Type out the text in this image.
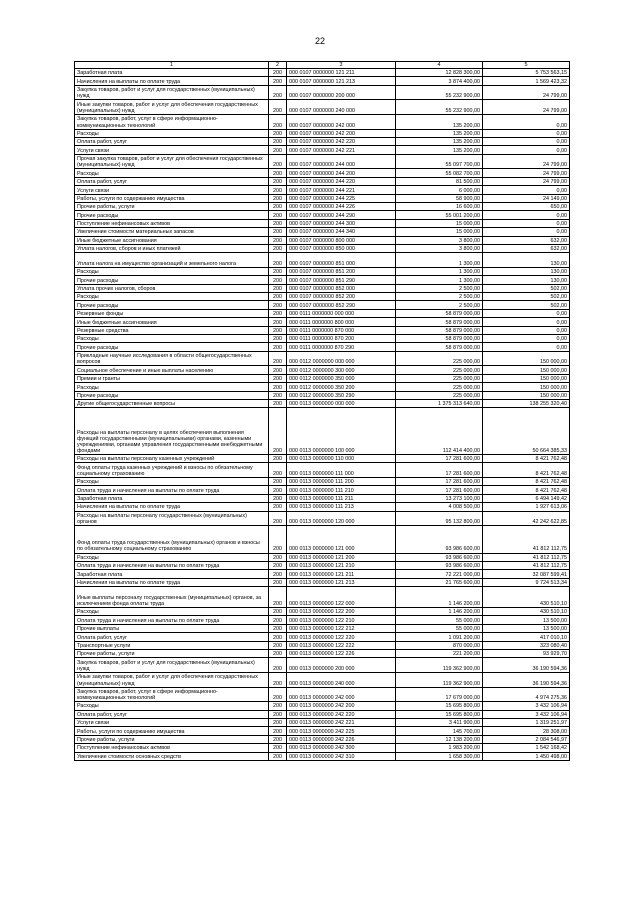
22
1	2	3	4	5
Заработная плата	200	000 0107 0000000 121 211	12 828 300,00	5 753 563,15
Начисления на выплаты по оплате труда	200	000 0107 0000000 121 213	3 874 400,00	1 569 423,32
Закупка товаров, работ и услуг для государственных (муниципальных) нужд	200	000 0107 0000000 200 000	55 232 900,00	24 799,00
Иные закупки товаров, работ и услуг для обеспечения государственных (муниципальных) нужд	200	000 0107 0000000 240 000	55 232 900,00	24 799,00
Закупка товаров, работ, услуг в сфере информационно-коммуникационных технологий	200	000 0107 0000000 242 000	135 200,00	0,00
Расходы	200	000 0107 0000000 242 200	135 200,00	0,00
Оплата работ, услуг	200	000 0107 0000000 242 220	135 200,00	0,00
Услуги связи	200	000 0107 0000000 242 221	135 200,00	0,00
Прочая закупка товаров, работ и услуг для обеспечения государственных (муниципальных) нужд	200	000 0107 0000000 244 000	55 097 700,00	24 799,00
Расходы	200	000 0107 0000000 244 200	55 082 700,00	24 799,00
Оплата работ, услуг	200	000 0107 0000000 244 220	81 500,00	24 799,00
Услуги связи	200	000 0107 0000000 244 221	6 000,00	0,00
Работы, услуги по содержанию имущества	200	000 0107 0000000 244 225	58 900,00	24 149,00
Прочие работы, услуги	200	000 0107 0000000 244 226	16 600,00	650,00
Прочие расходы	200	000 0107 0000000 244 290	55 001 200,00	0,00
Поступление нефинансовых активов	200	000 0107 0000000 244 300	15 000,00	0,00
Увеличение стоимости материальных запасов	200	000 0107 0000000 244 340	15 000,00	0,00
Иные бюджетные ассигнования	200	000 0107 0000000 800 000	3 800,00	632,00
Уплата налогов, сборов и иных платежей	200	000 0107 0000000 850 000	3 800,00	632,00
Уплата налога на имущество организаций и земельного налога	200	000 0107 0000000 851 000	1 300,00	130,00
Расходы	200	000 0107 0000000 851 200	1 300,00	130,00
Прочие расходы	200	000 0107 0000000 851 290	1 300,00	130,00
Уплата прочих налогов, сборов	200	000 0107 0000000 852 000	2 500,00	502,00
Расходы	200	000 0107 0000000 852 200	2 500,00	502,00
Прочие расходы	200	000 0107 0000000 852 290	2 500,00	502,00
Резервные фонды	200	000 0111 0000000 000 000	58 879 000,00	0,00
Иные бюджетные ассигнования	200	000 0111 0000000 800 000	58 879 000,00	0,00
Резервные средства	200	000 0111 0000000 870 000	58 879 000,00	0,00
Расходы	200	000 0111 0000000 870 200	58 879 000,00	0,00
Прочие расходы	200	000 0111 0000000 870 290	58 879 000,00	0,00
Прикладные научные исследования в области общегосударственных вопросов	200	000 0112 0000000 000 000	225 000,00	150 000,00
Социальное обеспечение и иные выплаты населению	200	000 0112 0000000 300 000	225 000,00	150 000,00
Премии и гранты	200	000 0112 0000000 350 000	225 000,00	150 000,00
Расходы	200	000 0112 0000000 350 200	225 000,00	150 000,00
Прочие расходы	200	000 0112 0000000 350 290	225 000,00	150 000,00
Другие общегосударственные вопросы	200	000 0113 0000000 000 000	1 375 313 640,00	138 255 320,40
Расходы на выплаты персоналу в целях обеспечения выполнения функций государственными (муниципальными) органами, казенными учреждениями, органами управления государственными внебюджетными фондами	200	000 0113 0000000 100 000	112 414 400,00	50 664 385,33
Расходы на выплаты персоналу казенных учреждений	200	000 0113 0000000 110 000	17 281 600,00	8 421 762,48
Фонд оплаты труда казенных учреждений и взносы по обязательному социальному страхованию	200	000 0113 0000000 111 000	17 281 600,00	8 421 762,48
Расходы	200	000 0113 0000000 111 200	17 281 600,00	8 421 762,48
Оплата труда и начисления на выплаты по оплате труда	200	000 0113 0000000 111 210	17 281 600,00	8 421 762,48
Заработная плата	200	000 0113 0000000 111 211	13 273 100,00	6 494 149,42
Начисления на выплаты по оплате труда	200	000 0113 0000000 111 213	4 008 500,00	1 927 613,06
Расходы на выплаты персоналу государственных (муниципальных) органов	200	000 0113 0000000 120 000	95 132 800,00	42 242 622,85
Фонд оплаты труда государственных (муниципальных) органов и взносы по обязательному социальному страхованию	200	000 0113 0000000 121 000	93 986 600,00	41 812 112,75
Расходы	200	000 0113 0000000 121 200	93 986 600,00	41 812 112,75
Оплата труда и начисления на выплаты по оплате труда	200	000 0113 0000000 121 210	93 986 600,00	41 812 112,75
Заработная плата	200	000 0113 0000000 121 211	72 221 000,00	32 087 599,41
Начисления на выплаты по оплате труда	200	000 0113 0000000 121 213	21 765 600,00	9 724 513,34
Иные выплаты персоналу государственных (муниципальных) органов, за исключением фонда оплаты труда	200	000 0113 0000000 122 000	1 146 200,00	430 510,10
Расходы	200	000 0113 0000000 122 200	1 146 200,00	430 510,10
Оплата труда и начисления на выплаты по оплате труда	200	000 0113 0000000 122 210	55 000,00	13 500,00
Прочие выплаты	200	000 0113 0000000 122 212	55 000,00	13 500,00
Оплата работ, услуг	200	000 0113 0000000 122 220	1 091 200,00	417 010,10
Транспортные услуги	200	000 0113 0000000 122 222	870 000,00	323 080,40
Прочие работы, услуги	200	000 0113 0000000 122 226	221 200,00	93 929,70
Закупка товаров, работ и услуг для государственных (муниципальных) нужд	200	000 0113 0000000 200 000	119 362 900,00	36 190 594,36
Иные закупки товаров, работ и услуг для обеспечения государственных (муниципальных) нужд	200	000 0113 0000000 240 000	119 362 900,00	36 190 594,36
Закупка товаров, работ, услуг в сфере информационно-коммуникационных технологий	200	000 0113 0000000 242 000	17 679 000,00	4 974 275,36
Расходы	200	000 0113 0000000 242 200	15 695 800,00	3 432 106,94
Оплата работ, услуг	200	000 0113 0000000 242 220	15 695 800,00	3 432 106,94
Услуги связи	200	000 0113 0000000 242 221	3 411 900,00	1 319 251,97
Работы, услуги по содержанию имущества	200	000 0113 0000000 242 225	145 700,00	28 308,00
Прочие работы, услуги	200	000 0113 0000000 242 226	12 138 200,00	2 084 546,97
Поступление нефинансовых активов	200	000 0113 0000000 242 300	1 983 200,00	1 542 168,42
Увеличение стоимости основных средств	200	000 0113 0000000 242 310	1 658 300,00	1 450 498,00
